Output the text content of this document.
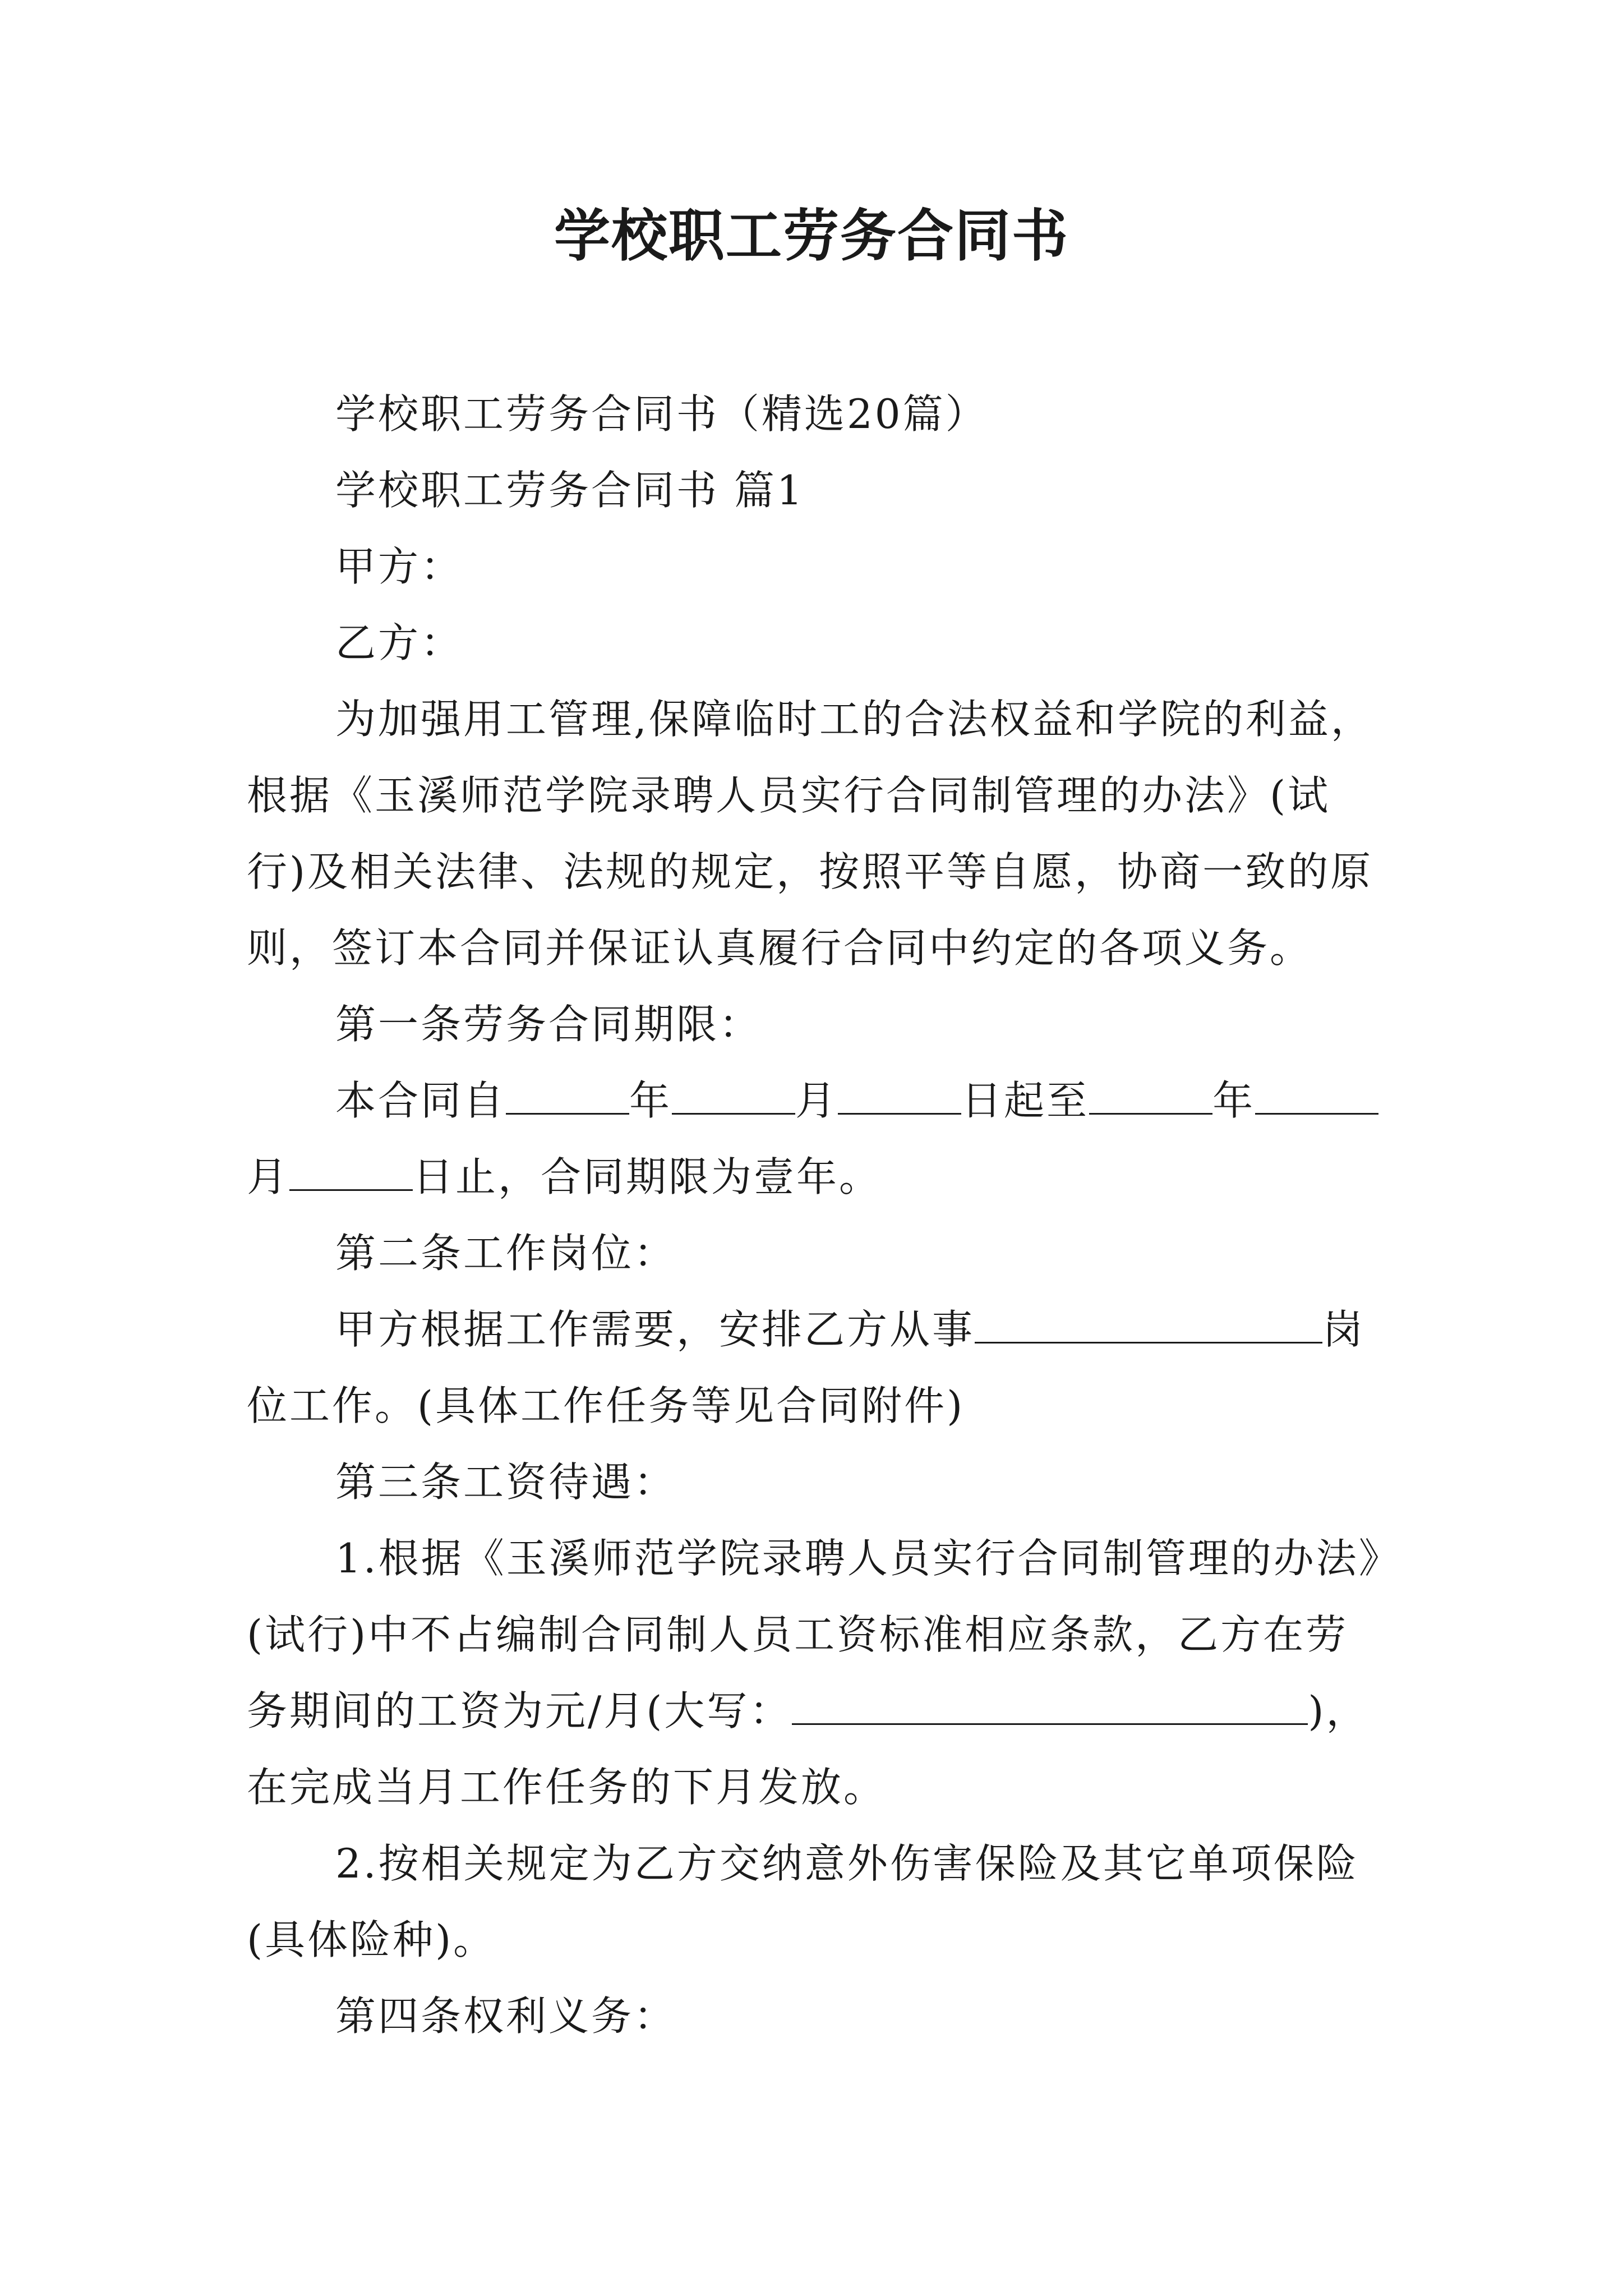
学校职工劳务合同书

学校职工劳务合同书（精选20篇）

学校职工劳务合同书 篇1

甲方：

乙方：

为加强用工管理,保障临时工的合法权益和学院的利益，根据《玉溪师范学院录聘人员实行合同制管理的办法》(试行)及相关法律、法规的规定，按照平等自愿，协商一致的原则，签订本合同并保证认真履行合同中约定的各项义务。

第一条劳务合同期限：

本合同自	年	月	日起至	年月	日止，合同期限为壹年。

第二条工作岗位：

甲方根据工作需要，安排乙方从事	岗位工作。(具体工作任务等见合同附件)

第三条工资待遇：

1.根据《玉溪师范学院录聘人员实行合同制管理的办法》(试行)中不占编制合同制人员工资标准相应条款，乙方在劳务期间的工资为元/月(大写：	)，在完成当月工作任务的下月发放。

2.按相关规定为乙方交纳意外伤害保险及其它单项保险(具体险种)。

第四条权利义务：
